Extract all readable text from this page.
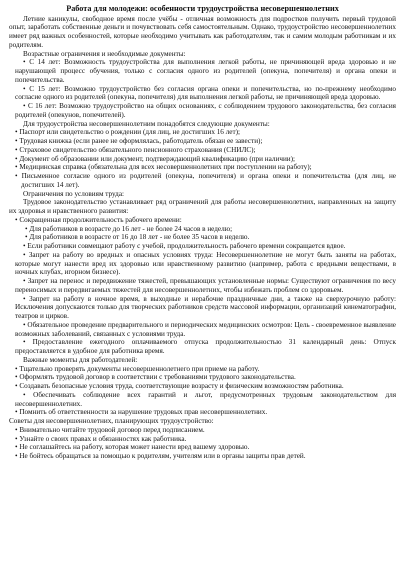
Работа для молодежи: особенности трудоустройства несовершеннолетних

Летние каникулы, свободное время после учёбы - отличная возможность для подростков получить первый трудовой опыт, заработать собственные деньги и почувствовать себя самостоятельным. Однако, трудоустройство несовершеннолетних имеет ряд важных особенностей, которые необходимо учитывать как работодателям, так и самим молодым работникам и их родителям.

Возрастные ограничения и необходимые документы:

• С 14 лет: Возможность трудоустройства для выполнения легкой работы, не причиняющей вреда здоровью и не нарушающей процесс обучения, только с согласия одного из родителей (опекуна, попечителя) и органа опеки и попечительства.

• С 15 лет: Возможно трудоустройство без согласия органа опеки и попечительства, но по-прежнему необходимо согласие одного из родителей (опекуна, попечителя) для выполнения легкой работы, не причиняющей вреда здоровью.

• С 16 лет: Возможно трудоустройство на общих основаниях, с соблюдением трудового законодательства, без согласия родителей (опекунов, попечителей).

Для трудоустройства несовершеннолетним понадобятся следующие документы:

• Паспорт или свидетельство о рождении (для лиц, не достигших 16 лет);

• Трудовая книжка (если ранее не оформлялась, работодатель обязан ее завести);

• Страховое свидетельство обязательного пенсионного страхования (СНИЛС);

• Документ об образовании или документ, подтверждающий квалификацию (при наличии);

• Медицинская справка (обязательна для всех несовершеннолетних при поступлении на работу);

• Письменное согласие одного из родителей (опекуна, попечителя) и органа опеки и попечительства (для лиц, не достигших 14 лет).

Ограничения по условиям труда:

Трудовое законодательство устанавливает ряд ограничений для работы несовершеннолетних, направленных на защиту их здоровья и нравственного развития:

• Сокращенная продолжительность рабочего времени:

• Для работников в возрасте до 16 лет - не более 24 часов в неделю;

• Для работников в возрасте от 16 до 18 лет - не более 35 часов в неделю.

• Если работники совмещают работу с учебой, продолжительность рабочего времени сокращается вдвое.

• Запрет на работу во вредных и опасных условиях труда: Несовершеннолетние не могут быть заняты на работах, которые могут нанести вред их здоровью или нравственному развитию (например, работа с вредными веществами, в ночных клубах, игорном бизнесе).

• Запрет на перенос и передвижение тяжестей, превышающих установленные нормы: Существуют ограничения по весу переносимых и передвигаемых тяжестей для несовершеннолетних, чтобы избежать проблем со здоровьем.

• Запрет на работу в ночное время, в выходные и нерабочие праздничные дни, а также на сверхурочную работу: Исключения допускаются только для творческих работников средств массовой информации, организаций кинематографии, театров и цирков.

• Обязательное проведение предварительного и периодических медицинских осмотров: Цель - своевременное выявление возможных заболеваний, связанных с условиями труда.

• Предоставление ежегодного оплачиваемого отпуска продолжительностью 31 календарный день: Отпуск предоставляется в удобное для работника время.

Важные моменты для работодателей:

• Тщательно проверять документы несовершеннолетнего при приеме на работу.

• Оформлять трудовой договор в соответствии с требованиями трудового законодательства.

• Создавать безопасные условия труда, соответствующие возрасту и физическим возможностям работника.

• Обеспечивать соблюдение всех гарантий и льгот, предусмотренных трудовым законодательством для несовершеннолетних.

• Помнить об ответственности за нарушение трудовых прав несовершеннолетних.

Советы для несовершеннолетних, планирующих трудоустройство:

• Внимательно читайте трудовой договор перед подписанием.

• Узнайте о своих правах и обязанностях как работника.

• Не соглашайтесь на работу, которая может нанести вред вашему здоровью.

• Не бойтесь обращаться за помощью к родителям, учителям или в органы защиты прав детей.
